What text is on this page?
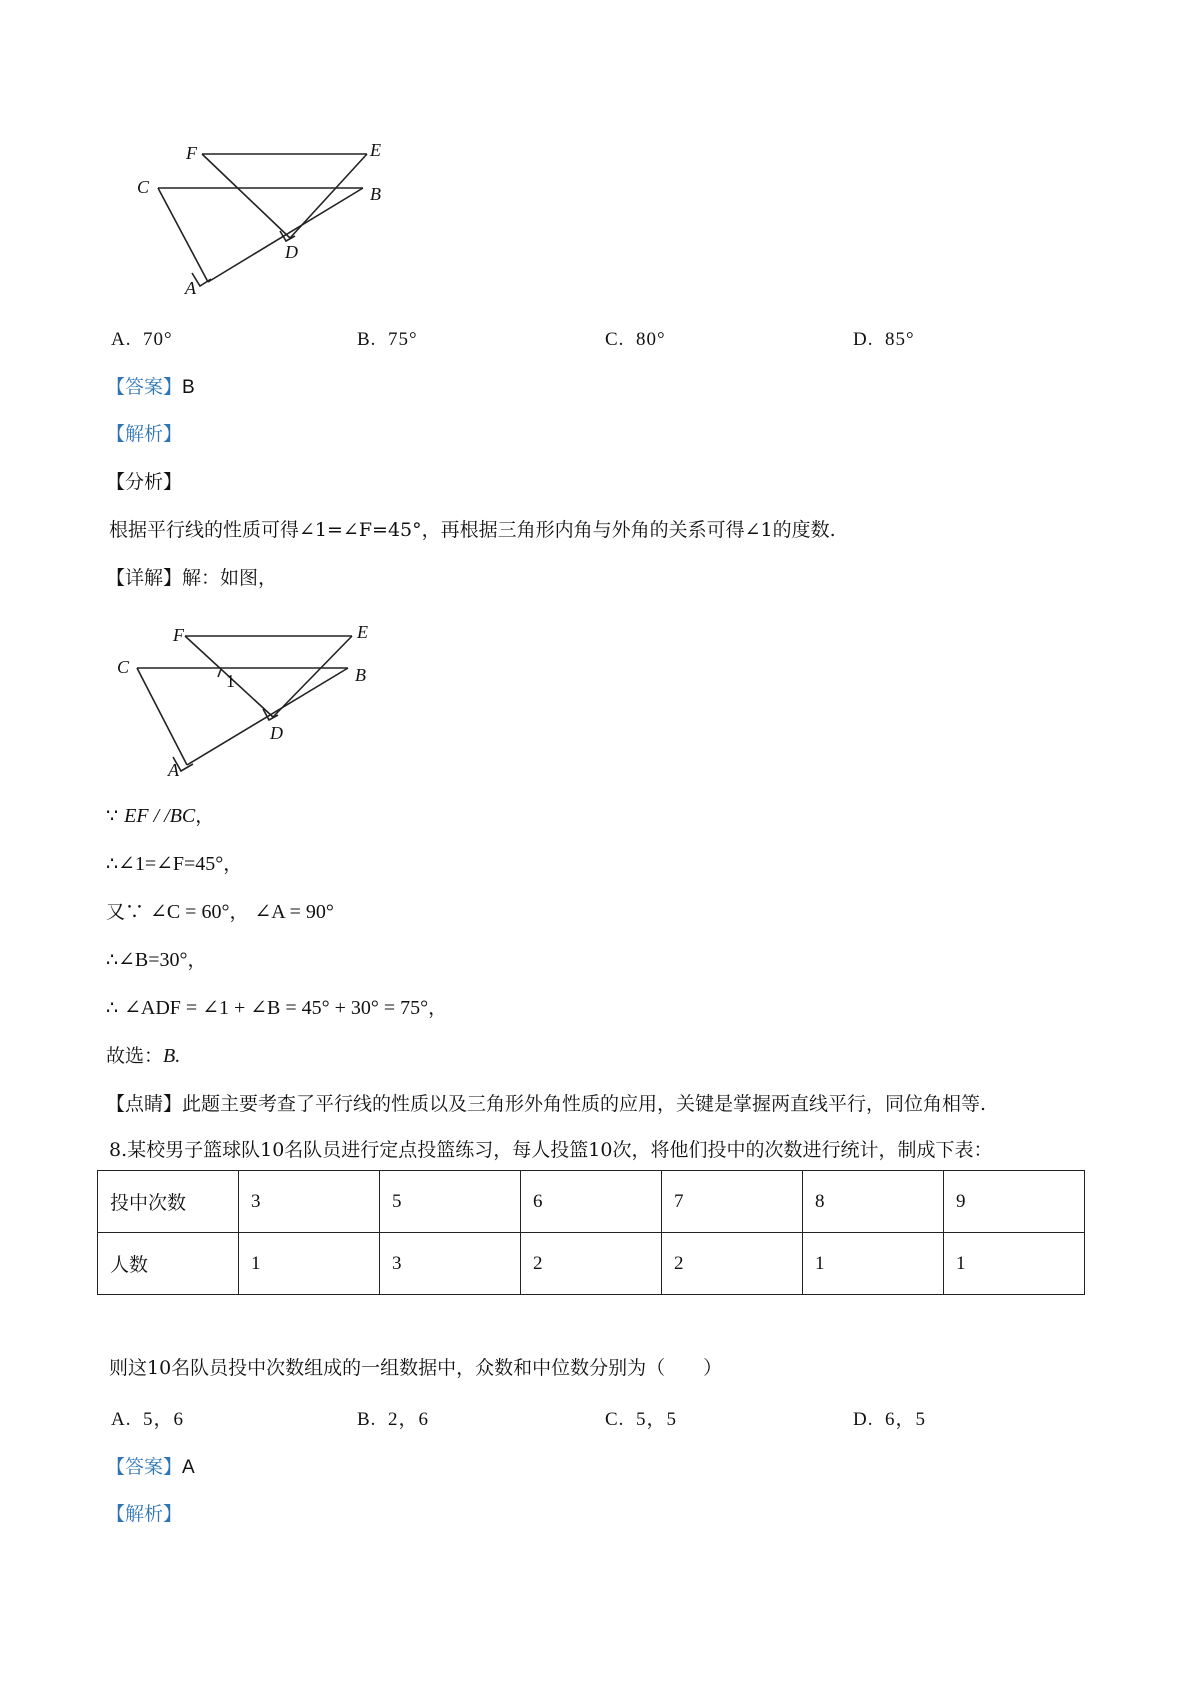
F	E
C	B
D
A
A. 70°	B. 75°	C. 80°	D. 85°
【答案】B
【解析】
【分析】
根据平行线的性质可得∠1=∠F=45°，再根据三角形内角与外角的关系可得∠1的度数.
【详解】解：如图，
F	E
C	B
1
D
A
∵ EF / /BC，
∴∠1=∠F=45°，
又∵ ∠C = 60°， ∠A = 90°
∴∠B=30°，
∴ ∠ADF = ∠1 + ∠B = 45° + 30° = 75°，
故选：B.
【点睛】此题主要考查了平行线的性质以及三角形外角性质的应用，关键是掌握两直线平行，同位角相等.
8.某校男子篮球队10名队员进行定点投篮练习，每人投篮10次，将他们投中的次数进行统计，制成下表：
投中次数	3	5	6	7	8	9
人数	1	3	2	2	1	1
则这10名队员投中次数组成的一组数据中，众数和中位数分别为（　　）
A. 5，6	B. 2，6	C. 5，5	D. 6，5
【答案】A
【解析】
